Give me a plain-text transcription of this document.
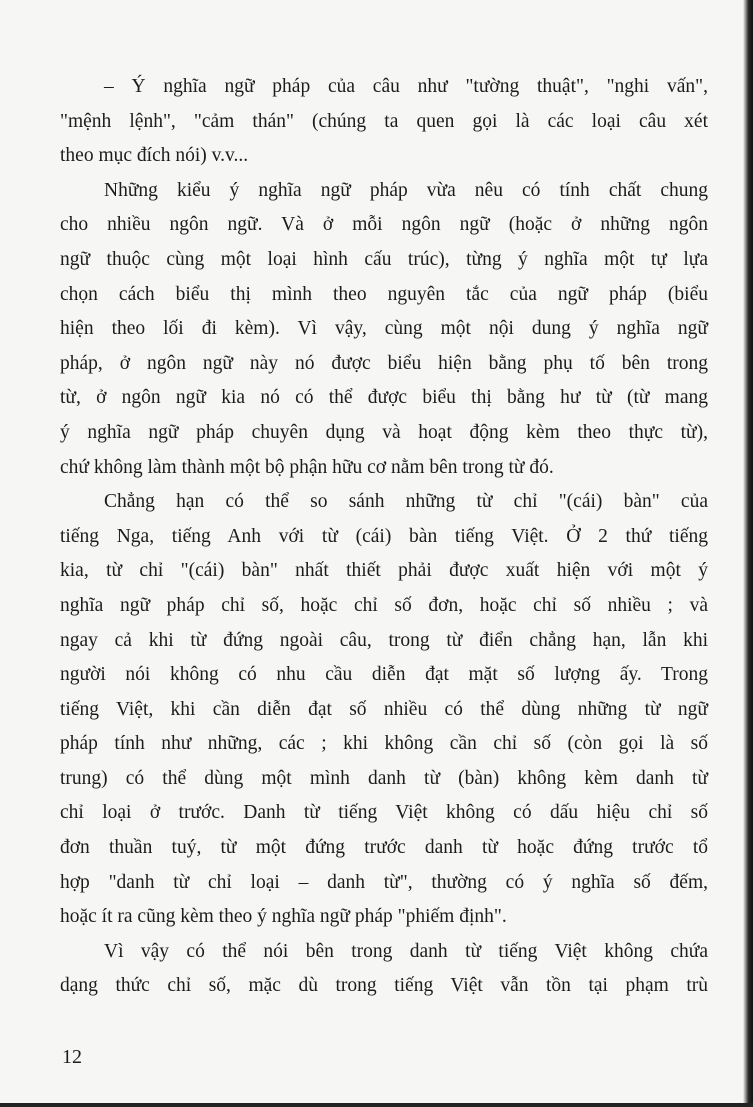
– Ý nghĩa ngữ pháp của câu như "tường thuật", "nghi vấn",
"mệnh lệnh", "cảm thán" (chúng ta quen gọi là các loại câu xét
theo mục đích nói) v.v...
Những kiểu ý nghĩa ngữ pháp vừa nêu có tính chất chung
cho nhiều ngôn ngữ. Và ở mỗi ngôn ngữ (hoặc ở những ngôn
ngữ thuộc cùng một loại hình cấu trúc), từng ý nghĩa một tự lựa
chọn cách biểu thị mình theo nguyên tắc của ngữ pháp (biểu
hiện theo lối đi kèm). Vì vậy, cùng một nội dung ý nghĩa ngữ
pháp, ở ngôn ngữ này nó được biểu hiện bằng phụ tố bên trong
từ, ở ngôn ngữ kia nó có thể được biểu thị bằng hư từ (từ mang
ý nghĩa ngữ pháp chuyên dụng và hoạt động kèm theo thực từ),
chứ không làm thành một bộ phận hữu cơ nằm bên trong từ đó.
Chẳng hạn có thể so sánh những từ chỉ "(cái) bàn" của
tiếng Nga, tiếng Anh với từ (cái) bàn tiếng Việt. Ở 2 thứ tiếng
kia, từ chỉ "(cái) bàn" nhất thiết phải được xuất hiện với một ý
nghĩa ngữ pháp chỉ số, hoặc chỉ số đơn, hoặc chỉ số nhiều ; và
ngay cả khi từ đứng ngoài câu, trong từ điển chẳng hạn, lẫn khi
người nói không có nhu cầu diễn đạt mặt số lượng ấy. Trong
tiếng Việt, khi cần diễn đạt số nhiều có thể dùng những từ ngữ
pháp tính như những, các ; khi không cần chỉ số (còn gọi là số
trung) có thể dùng một mình danh từ (bàn) không kèm danh từ
chỉ loại ở trước. Danh từ tiếng Việt không có dấu hiệu chỉ số
đơn thuần tuý, từ một đứng trước danh từ hoặc đứng trước tổ
hợp "danh từ chỉ loại – danh từ", thường có ý nghĩa số đếm,
hoặc ít ra cũng kèm theo ý nghĩa ngữ pháp "phiếm định".
Vì vậy có thể nói bên trong danh từ tiếng Việt không chứa
dạng thức chỉ số, mặc dù trong tiếng Việt vẫn tồn tại phạm trù
12
